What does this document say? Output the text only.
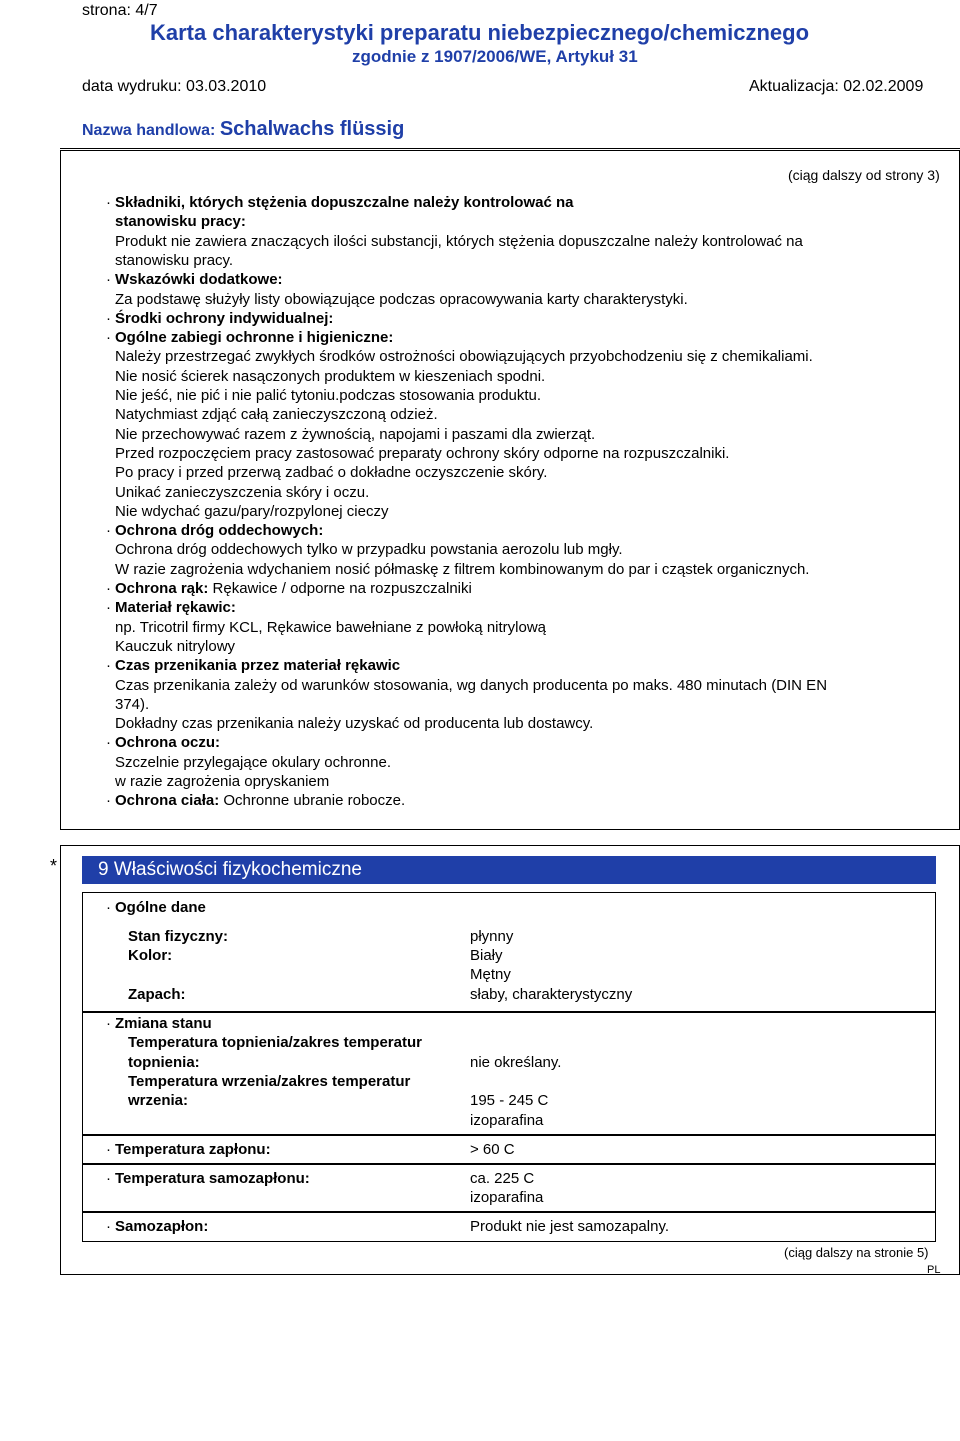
strona: 4/7
Karta charakterystyki preparatu niebezpiecznego/chemicznego
zgodnie z 1907/2006/WE, Artykuł 31
data wydruku: 03.03.2010	Aktualizacja: 02.02.2009
Nazwa handlowa: Schalwachs flüssig
(ciąg dalszy od strony 3)
· Składniki, których stężenia dopuszczalne należy kontrolować na
stanowisku pracy:
Produkt nie zawiera znaczących ilości substancji, których stężenia dopuszczalne należy kontrolować na
stanowisku pracy.
· Wskazówki dodatkowe:
Za podstawę służyły listy obowiązujące podczas opracowywania karty charakterystyki.
· Środki ochrony indywidualnej:
· Ogólne zabiegi ochronne i higieniczne:
Należy przestrzegać zwykłych środków ostrożności obowiązujących przyobchodzeniu się z chemikaliami.
Nie nosić ścierek nasączonych produktem w kieszeniach spodni.
Nie jeść, nie pić i nie palić tytoniu.podczas stosowania produktu.
Natychmiast zdjąć całą zanieczyszczoną odzież.
Nie przechowywać razem z żywnością, napojami i paszami dla zwierząt.
Przed rozpoczęciem pracy zastosować preparaty ochrony skóry odporne na rozpuszczalniki.
Po pracy i przed przerwą zadbać o dokładne oczyszczenie skóry.
Unikać zanieczyszczenia skóry i oczu.
Nie wdychać gazu/pary/rozpylonej cieczy
· Ochrona dróg oddechowych:
Ochrona dróg oddechowych tylko w przypadku powstania aerozolu lub mgły.
W razie zagrożenia wdychaniem nosić półmaskę z filtrem kombinowanym do par i cząstek organicznych.
· Ochrona rąk: Rękawice / odporne na rozpuszczalniki
· Materiał rękawic:
np. Tricotril firmy KCL, Rękawice bawełniane z powłoką nitrylową
Kauczuk nitrylowy
· Czas przenikania przez materiał rękawic
Czas przenikania zależy od warunków stosowania, wg danych producenta po maks. 480 minutach (DIN EN
374).
Dokładny czas przenikania należy uzyskać od producenta lub dostawcy.
· Ochrona oczu:
Szczelnie przylegające okulary ochronne.
w razie zagrożenia opryskaniem
· Ochrona ciała: Ochronne ubranie robocze.
* 9 Właściwości fizykochemiczne
· Ogólne dane
Stan fizyczny:	płynny
Kolor:	Biały
Mętny
Zapach:	słaby, charakterystyczny
· Zmiana stanu
Temperatura topnienia/zakres temperatur
topnienia:	nie określany.
Temperatura wrzenia/zakres temperatur
wrzenia:	195 - 245 C
izoparafina
· Temperatura zapłonu:	> 60 C
· Temperatura samozapłonu:	ca. 225 C
izoparafina
· Samozapłon:	Produkt nie jest samozapalny.
(ciąg dalszy na stronie 5)
PL
